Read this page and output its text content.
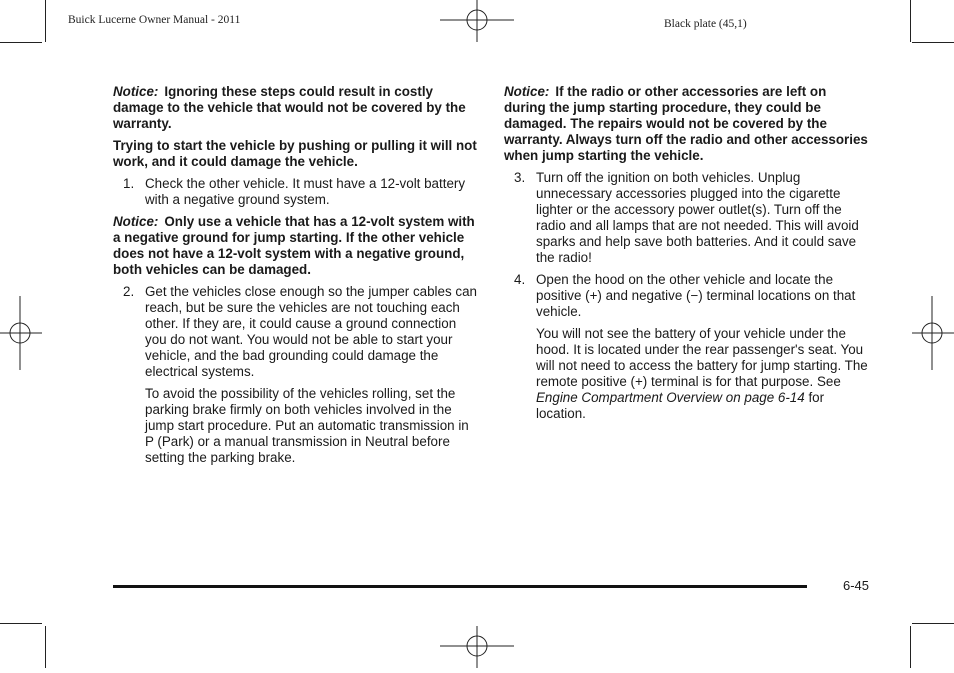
Buick Lucerne Owner Manual - 2011	Black plate (45,1)

Notice: Ignoring these steps could result in costly damage to the vehicle that would not be covered by the warranty.

Trying to start the vehicle by pushing or pulling it will not work, and it could damage the vehicle.

1. Check the other vehicle. It must have a 12-volt battery with a negative ground system.

Notice: Only use a vehicle that has a 12-volt system with a negative ground for jump starting. If the other vehicle does not have a 12-volt system with a negative ground, both vehicles can be damaged.

2. Get the vehicles close enough so the jumper cables can reach, but be sure the vehicles are not touching each other. If they are, it could cause a ground connection you do not want. You would not be able to start your vehicle, and the bad grounding could damage the electrical systems.

To avoid the possibility of the vehicles rolling, set the parking brake firmly on both vehicles involved in the jump start procedure. Put an automatic transmission in P (Park) or a manual transmission in Neutral before setting the parking brake.

Notice: If the radio or other accessories are left on during the jump starting procedure, they could be damaged. The repairs would not be covered by the warranty. Always turn off the radio and other accessories when jump starting the vehicle.

3. Turn off the ignition on both vehicles. Unplug unnecessary accessories plugged into the cigarette lighter or the accessory power outlet(s). Turn off the radio and all lamps that are not needed. This will avoid sparks and help save both batteries. And it could save the radio!
4. Open the hood on the other vehicle and locate the positive (+) and negative (−) terminal locations on that vehicle.

You will not see the battery of your vehicle under the hood. It is located under the rear passenger's seat. You will not need to access the battery for jump starting. The remote positive (+) terminal is for that purpose. See Engine Compartment Overview on page 6-14 for location.

6-45
